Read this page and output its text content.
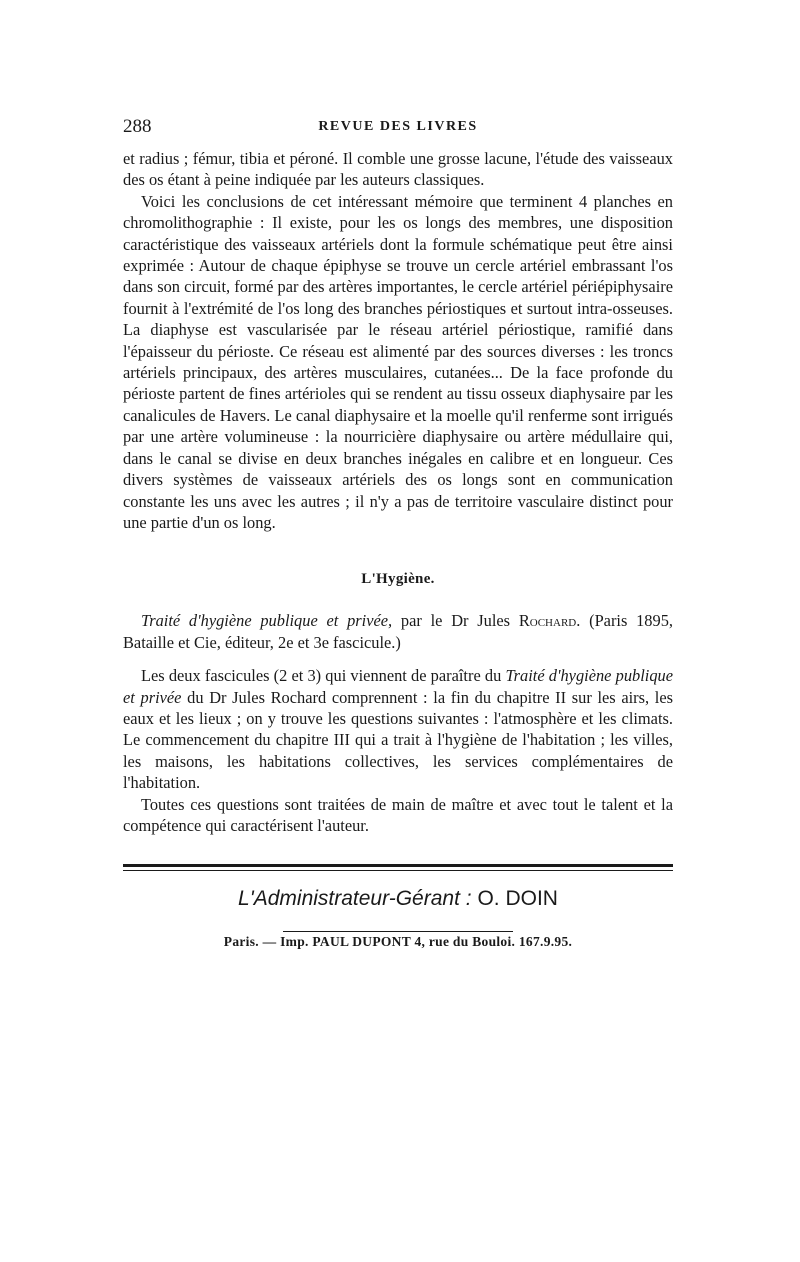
288	REVUE DES LIVRES

et radius ; fémur, tibia et péroné. Il comble une grosse lacune, l'étude des vaisseaux des os étant à peine indiquée par les auteurs classiques.

Voici les conclusions de cet intéressant mémoire que terminent 4 planches en chromolithographie : Il existe, pour les os longs des membres, une disposition caractéristique des vaisseaux artériels dont la formule schématique peut être ainsi exprimée : Autour de chaque épiphyse se trouve un cercle artériel embrassant l'os dans son circuit, formé par des artères importantes, le cercle artériel périépiphysaire fournit à l'extrémité de l'os long des branches périostiques et surtout intra-osseuses. La diaphyse est vascularisée par le réseau artériel périostique, ramifié dans l'épaisseur du périoste. Ce réseau est alimenté par des sources diverses : les troncs artériels principaux, des artères musculaires, cutanées... De la face profonde du périoste partent de fines artérioles qui se rendent au tissu osseux diaphysaire par les canalicules de Havers. Le canal diaphysaire et la moelle qu'il renferme sont irrigués par une artère volumineuse : la nourricière diaphysaire ou artère médullaire qui, dans le canal se divise en deux branches inégales en calibre et en longueur. Ces divers systèmes de vaisseaux artériels des os longs sont en communication constante les uns avec les autres ; il n'y a pas de territoire vasculaire distinct pour une partie d'un os long.

L'Hygiène.

Traité d'hygiène publique et privée, par le Dr Jules Rochard. (Paris 1895, Bataille et Cie, éditeur, 2e et 3e fascicule.)

Les deux fascicules (2 et 3) qui viennent de paraître du Traité d'hygiène publique et privée du Dr Jules Rochard comprennent : la fin du chapitre II sur les airs, les eaux et les lieux ; on y trouve les questions suivantes : l'atmosphère et les climats. Le commencement du chapitre III qui a trait à l'hygiène de l'habitation ; les villes, les maisons, les habitations collectives, les services complémentaires de l'habitation.

Toutes ces questions sont traitées de main de maître et avec tout le talent et la compétence qui caractérisent l'auteur.

L'Administrateur-Gérant : O. DOIN
Paris. — Imp. PAUL DUPONT 4, rue du Bouloi. 167.9.95.
